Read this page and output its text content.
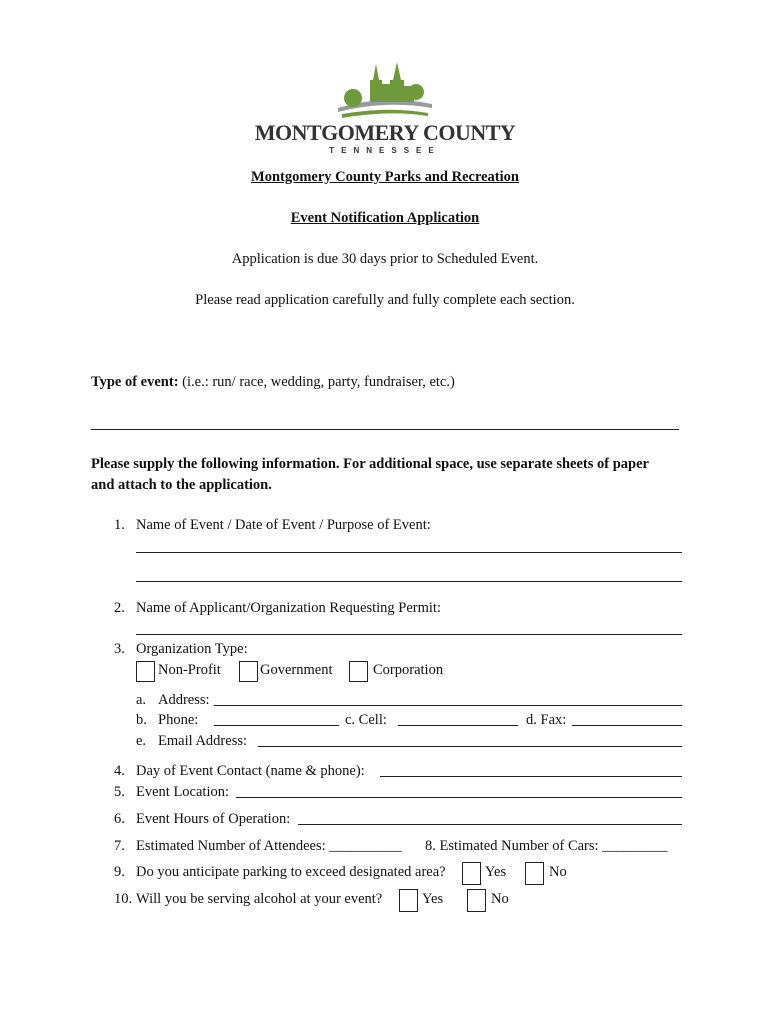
MONTGOMERY COUNTY
TENNESSEE
Montgomery County Parks and Recreation
Event Notification Application
Application is due 30 days prior to Scheduled Event.
Please read application carefully and fully complete each section.
Type of event: (i.e.: run/ race, wedding, party, fundraiser, etc.)
Please supply the following information. For additional space, use separate sheets of paper
and attach to the application.
1. Name of Event / Date of Event / Purpose of Event:
2. Name of Applicant/Organization Requesting Permit:
3. Organization Type:
Non-Profit	Government	Corporation
a. Address:
b. Phone:	c. Cell:	d. Fax:
e. Email Address:
4. Day of Event Contact (name & phone):
5. Event Location:
6. Event Hours of Operation:
7. Estimated Number of Attendees: __________ 8. Estimated Number of Cars: _________
9. Do you anticipate parking to exceed designated area?	Yes	No
10. Will you be serving alcohol at your event?	Yes	No
